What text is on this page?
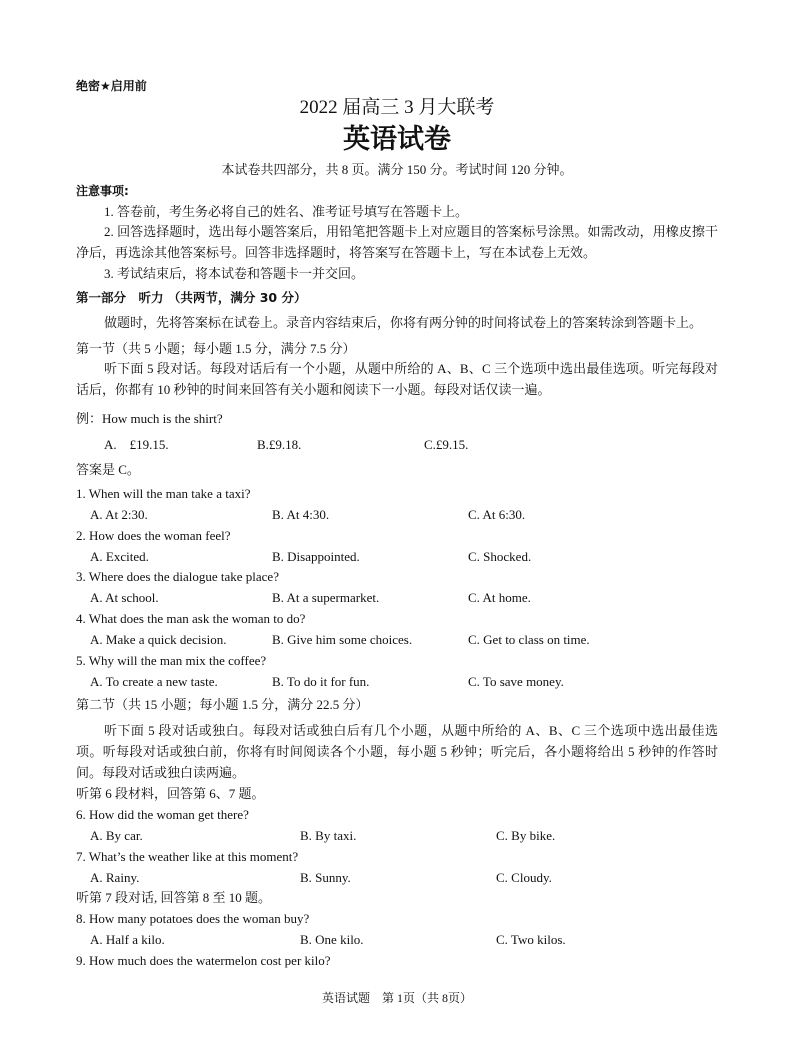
绝密★启用前
2022 届高三 3 月大联考
英语试卷
本试卷共四部分，共 8 页。满分 150 分。考试时间 120 分钟。
注意事项:
1. 答卷前，考生务必将自己的姓名、准考证号填写在答题卡上。
2. 回答选择题时，选出每小题答案后，用铅笔把答题卡上对应题目的答案标号涂黑。如需改动，用橡皮擦干净后，再选涂其他答案标号。回答非选择题时，将答案写在答题卡上，写在本试卷上无效。
3. 考试结束后，将本试卷和答题卡一并交回。
第一部分　听力 （共两节，满分 30 分）
做题时，先将答案标在试卷上。录音内容结束后，你将有两分钟的时间将试卷上的答案转涂到答题卡上。
第一节（共 5 小题；每小题 1.5 分，满分 7.5 分）
听下面 5 段对话。每段对话后有一个小题，从题中所给的 A、B、C 三个选项中选出最佳选项。听完每段对话后，你都有 10 秒钟的时间来回答有关小题和阅读下一小题。每段对话仅读一遍。
例：How much is the shirt?
A.　£19.15.	B.£9.18.	C.£9.15.
答案是 C。
1. When will the man take a taxi?
A. At 2:30.	B. At 4:30.	C. At 6:30.
2. How does the woman feel?
A. Excited.	B. Disappointed.	C. Shocked.
3. Where does the dialogue take place?
A. At school.	B. At a supermarket.	C. At home.
4. What does the man ask the woman to do?
A. Make a quick decision.	B. Give him some choices.	C. Get to class on time.
5. Why will the man mix the coffee?
A. To create a new taste.	B. To do it for fun.	C. To save money.
第二节（共 15 小题；每小题 1.5 分，满分 22.5 分）
听下面 5 段对话或独白。每段对话或独白后有几个小题，从题中所给的 A、B、C 三个选项中选出最佳选项。听每段对话或独白前，你将有时间阅读各个小题，每小题 5 秒钟；听完后，各小题将给出 5 秒钟的作答时间。每段对话或独白读两遍。
听第 6 段材料，回答第 6、7 题。
6. How did the woman get there?
A. By car.	B. By taxi.	C. By bike.
7. What’s the weather like at this moment?
A. Rainy.	B. Sunny.	C. Cloudy.
听第 7 段对话, 回答第 8 至 10 题。
8. How many potatoes does the woman buy?
A. Half a kilo.	B. One kilo.	C. Two kilos.
9. How much does the watermelon cost per kilo?
英语试题　第 1页（共 8页）
